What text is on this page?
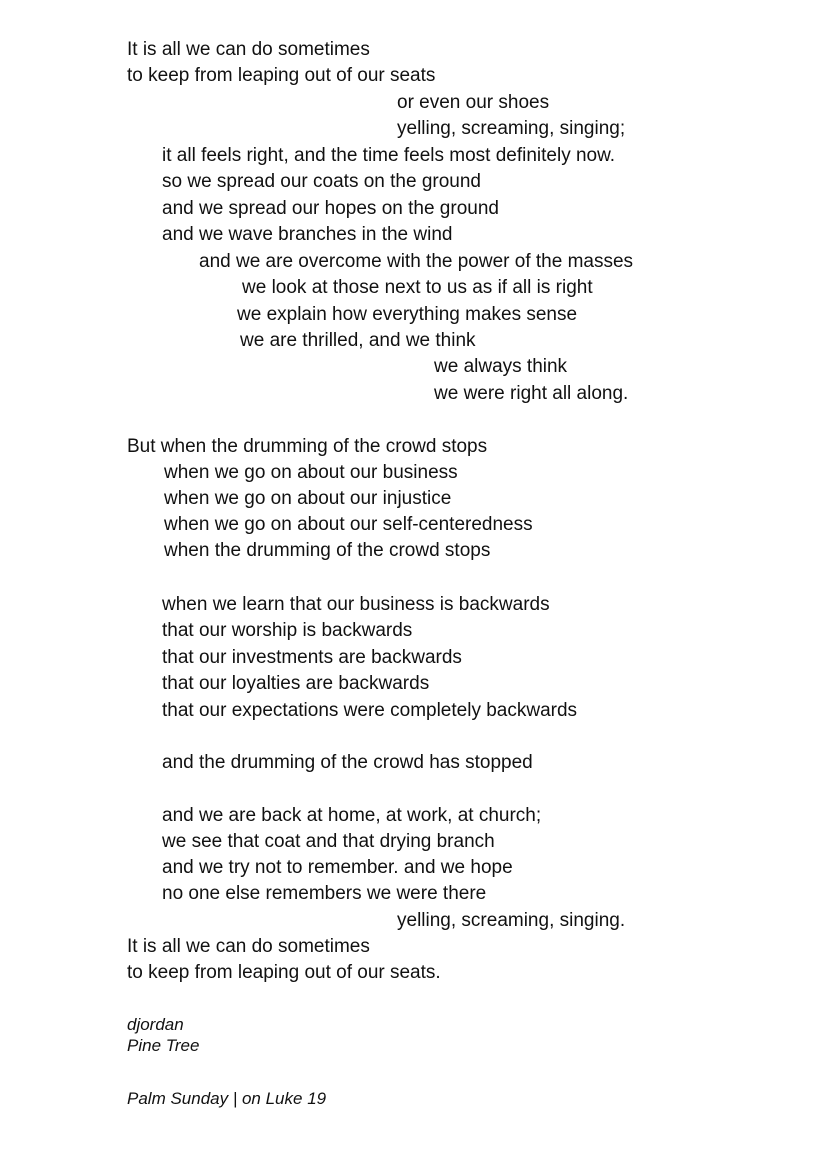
It is all we can do sometimes
to keep from leaping out of our seats
or even our shoes
yelling, screaming, singing;
it all feels right, and the time feels most definitely now.
so we spread our coats on the ground
and we spread our hopes on the ground
and we wave branches in the wind
and we are overcome with the power of the masses
we look at those next to us as if all is right
we explain how everything makes sense
we are thrilled, and we think
we always think
we were right all along.
But when the drumming of the crowd stops
when we go on about our business
when we go on about our injustice
when we go on about our self-centeredness
when the drumming of the crowd stops
when we learn that our business is backwards
that our worship is backwards
that our investments are backwards
that our loyalties are backwards
that our expectations were completely backwards
and the drumming of the crowd has stopped
and we are back at home, at work, at church;
we see that coat and that drying branch
and we try not to remember. and we hope
no one else remembers we were there
yelling, screaming, singing.
It is all we can do sometimes
to keep from leaping out of our seats.
djordan
Pine Tree
Palm Sunday | on Luke 19
